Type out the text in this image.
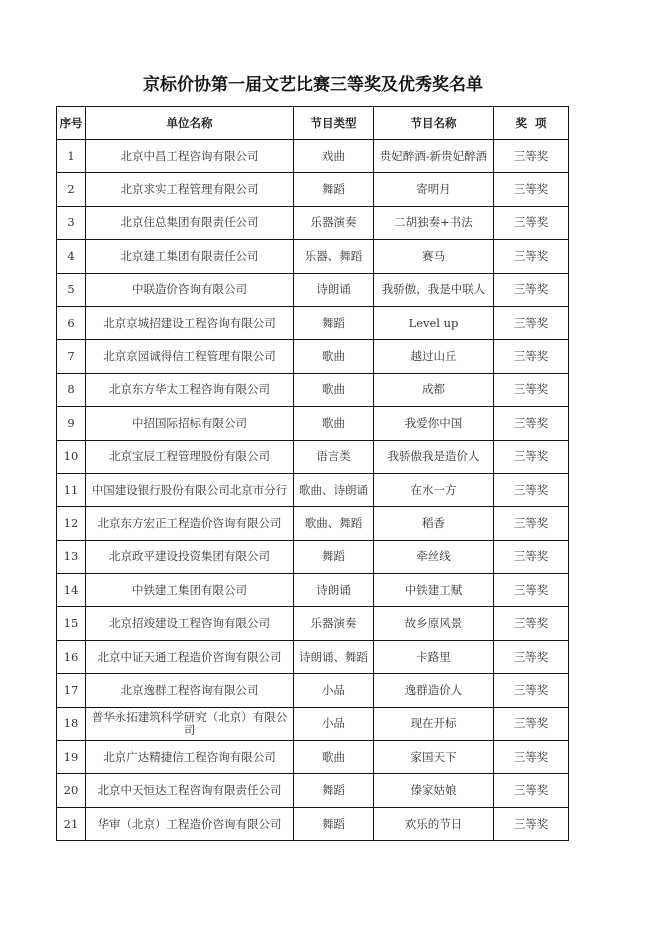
京标价协第一届文艺比赛三等奖及优秀奖名单
序号	单位名称	节目类型	节目名称	奖  项
1	北京中昌工程咨询有限公司	戏曲	贵妃醉酒-新贵妃醉酒	三等奖
2	北京求实工程管理有限公司	舞蹈	寄明月	三等奖
3	北京住总集团有限责任公司	乐器演奏	二胡独奏+书法	三等奖
4	北京建工集团有限责任公司	乐器、舞蹈	赛马	三等奖
5	中联造价咨询有限公司	诗朗诵	我骄傲，我是中联人	三等奖
6	北京京城招建设工程咨询有限公司	舞蹈	Level up	三等奖
7	北京京园诚得信工程管理有限公司	歌曲	越过山丘	三等奖
8	北京东方华太工程咨询有限公司	歌曲	成都	三等奖
9	中招国际招标有限公司	歌曲	我爱你中国	三等奖
10	北京宝辰工程管理股份有限公司	语言类	我骄傲我是造价人	三等奖
11	中国建设银行股份有限公司北京市分行	歌曲、诗朗诵	在水一方	三等奖
12	北京东方宏正工程造价咨询有限公司	歌曲、舞蹈	稻香	三等奖
13	北京政平建设投资集团有限公司	舞蹈	牵丝线	三等奖
14	中铁建工集团有限公司	诗朗诵	中铁建工赋	三等奖
15	北京招竣建设工程咨询有限公司	乐器演奏	故乡原风景	三等奖
16	北京中证天通工程造价咨询有限公司	诗朗诵、舞蹈	卡路里	三等奖
17	北京逸群工程咨询有限公司	小品	逸群造价人	三等奖
18	普华永拓建筑科学研究（北京）有限公司	小品	现在开标	三等奖
19	北京广达精捷信工程咨询有限公司	歌曲	家国天下	三等奖
20	北京中天恒达工程咨询有限责任公司	舞蹈	傣家姑娘	三等奖
21	华审（北京）工程造价咨询有限公司	舞蹈	欢乐的节日	三等奖
